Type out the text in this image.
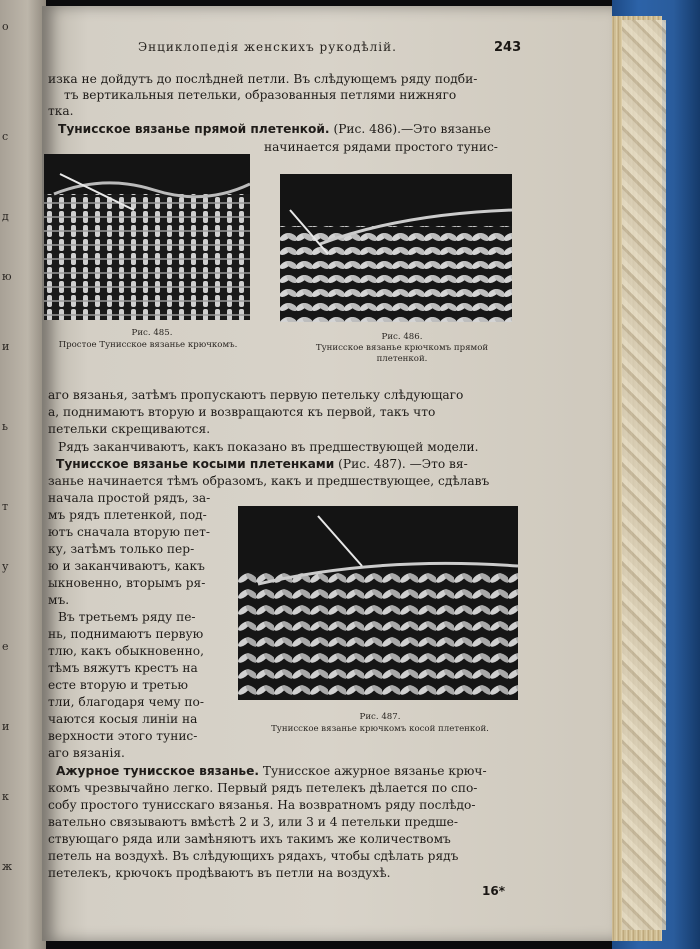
о
с
д
ю
и
ь
т
у
е
и
к
ж
Энциклопедія женскихъ рукодѣлій.	243
изка не дойдутъ до послѣдней петли. Въ слѣдующемъ ряду подби-
тъ вертикальныя петельки, образованныя петлями нижняго
тка.
Тунисское вязанье прямой плетенкой. (Рис. 486).—Это вязанье
начинается рядами простого тунис-
Рис. 485.
Простое Тунисское вязанье крючкомъ.
Рис. 486.
Тунисское вязанье крючкомъ прямой
плетенкой.
аго вязанья, затѣмъ пропускаютъ первую петельку слѣдующаго
а, поднимаютъ вторую и возвращаются къ первой, такъ что
петельки скрещиваются.
Рядъ заканчиваютъ, какъ показано въ предшествующей модели.
Тунисское вязанье косыми плетенками (Рис. 487). —Это вя-
занье начинается тѣмъ образомъ, какъ и предшествующее, сдѣлавъ
начала простой рядъ, за-
мъ рядъ плетенкой, под-
ютъ сначала вторую пет-
ку, затѣмъ только пер-
ю и заканчиваютъ, какъ
ыкновенно, вторымъ ря-
мъ.
Въ третьемъ ряду пе-
нь, поднимаютъ первую
тлю, какъ обыкновенно,
тѣмъ вяжутъ крестъ на
есте вторую и третью
тли, благодаря чему по-
чаются косыя линіи на
верхности этого тунис-
аго вязанія.
Рис. 487.
Тунисское вязанье крючкомъ косой плетенкой.
Ажурное тунисское вязанье. Тунисское ажурное вязанье крюч-
комъ чрезвычайно легко. Первый рядъ петелекъ дѣлается по спо-
собу простого тунисскаго вязанья. На возвратномъ ряду послѣдо-
вательно связываютъ вмѣстѣ 2 и 3, или 3 и 4 петельки предше-
ствующаго ряда или замѣняютъ ихъ такимъ же количествомъ
петель на воздухѣ. Въ слѣдующихъ рядахъ, чтобы сдѣлать рядъ
петелекъ, крючокъ продѣваютъ въ петли на воздухѣ.
16*
